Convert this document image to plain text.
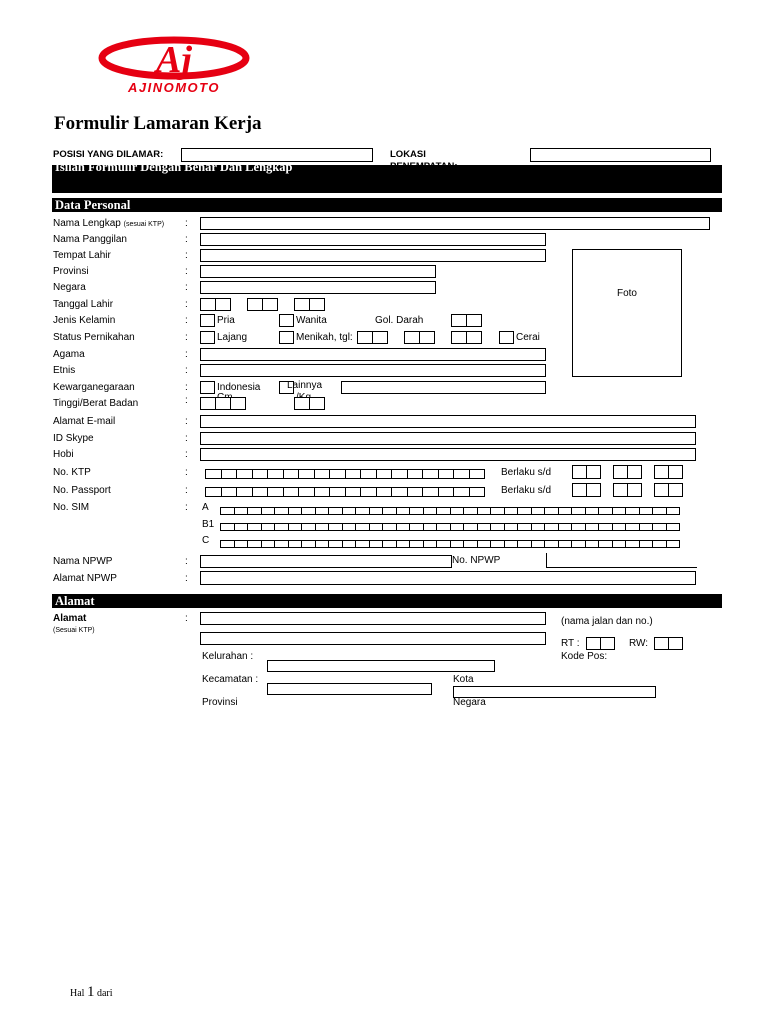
Aj
AJINOMOTO
Formulir Lamaran Kerja
POSISI YANG DILAMAR:	LOKASI
Isilah Formulir Dengan Benar Dan Lengkap
Data Personal
Nama Lengkap (sesuai KTP) :
Nama Panggilan	:
Tempat Lahir	:
Provinsi	:
Negara	:
Tanggal Lahir	:
Jenis Kelamin	:	Pria	Wanita	Gol. Darah
Status Pernikahan	:	Lajang	Menikah, tgl:	Cerai
Agama	:
Etnis	:
Kewarganegaraan	:	Indonesia	Lainnya
Tinggi/Berat Badan	:
Foto
Alamat E-mail	:
ID Skype	:
Hobi	:
No. KTP	:	Berlaku s/d
No. Passport	:	Berlaku s/d
No. SIM	: A
B1
C
Nama NPWP	:	No. NPWP
Alamat NPWP	:
Alamat
Alamat
(Sesuai KTP)
:	(nama jalan dan no.)
RT :	RW:
Kelurahan :	Kode Pos:
Kecamatan :	Kota
Provinsi	Negara
Hal 1 dari
